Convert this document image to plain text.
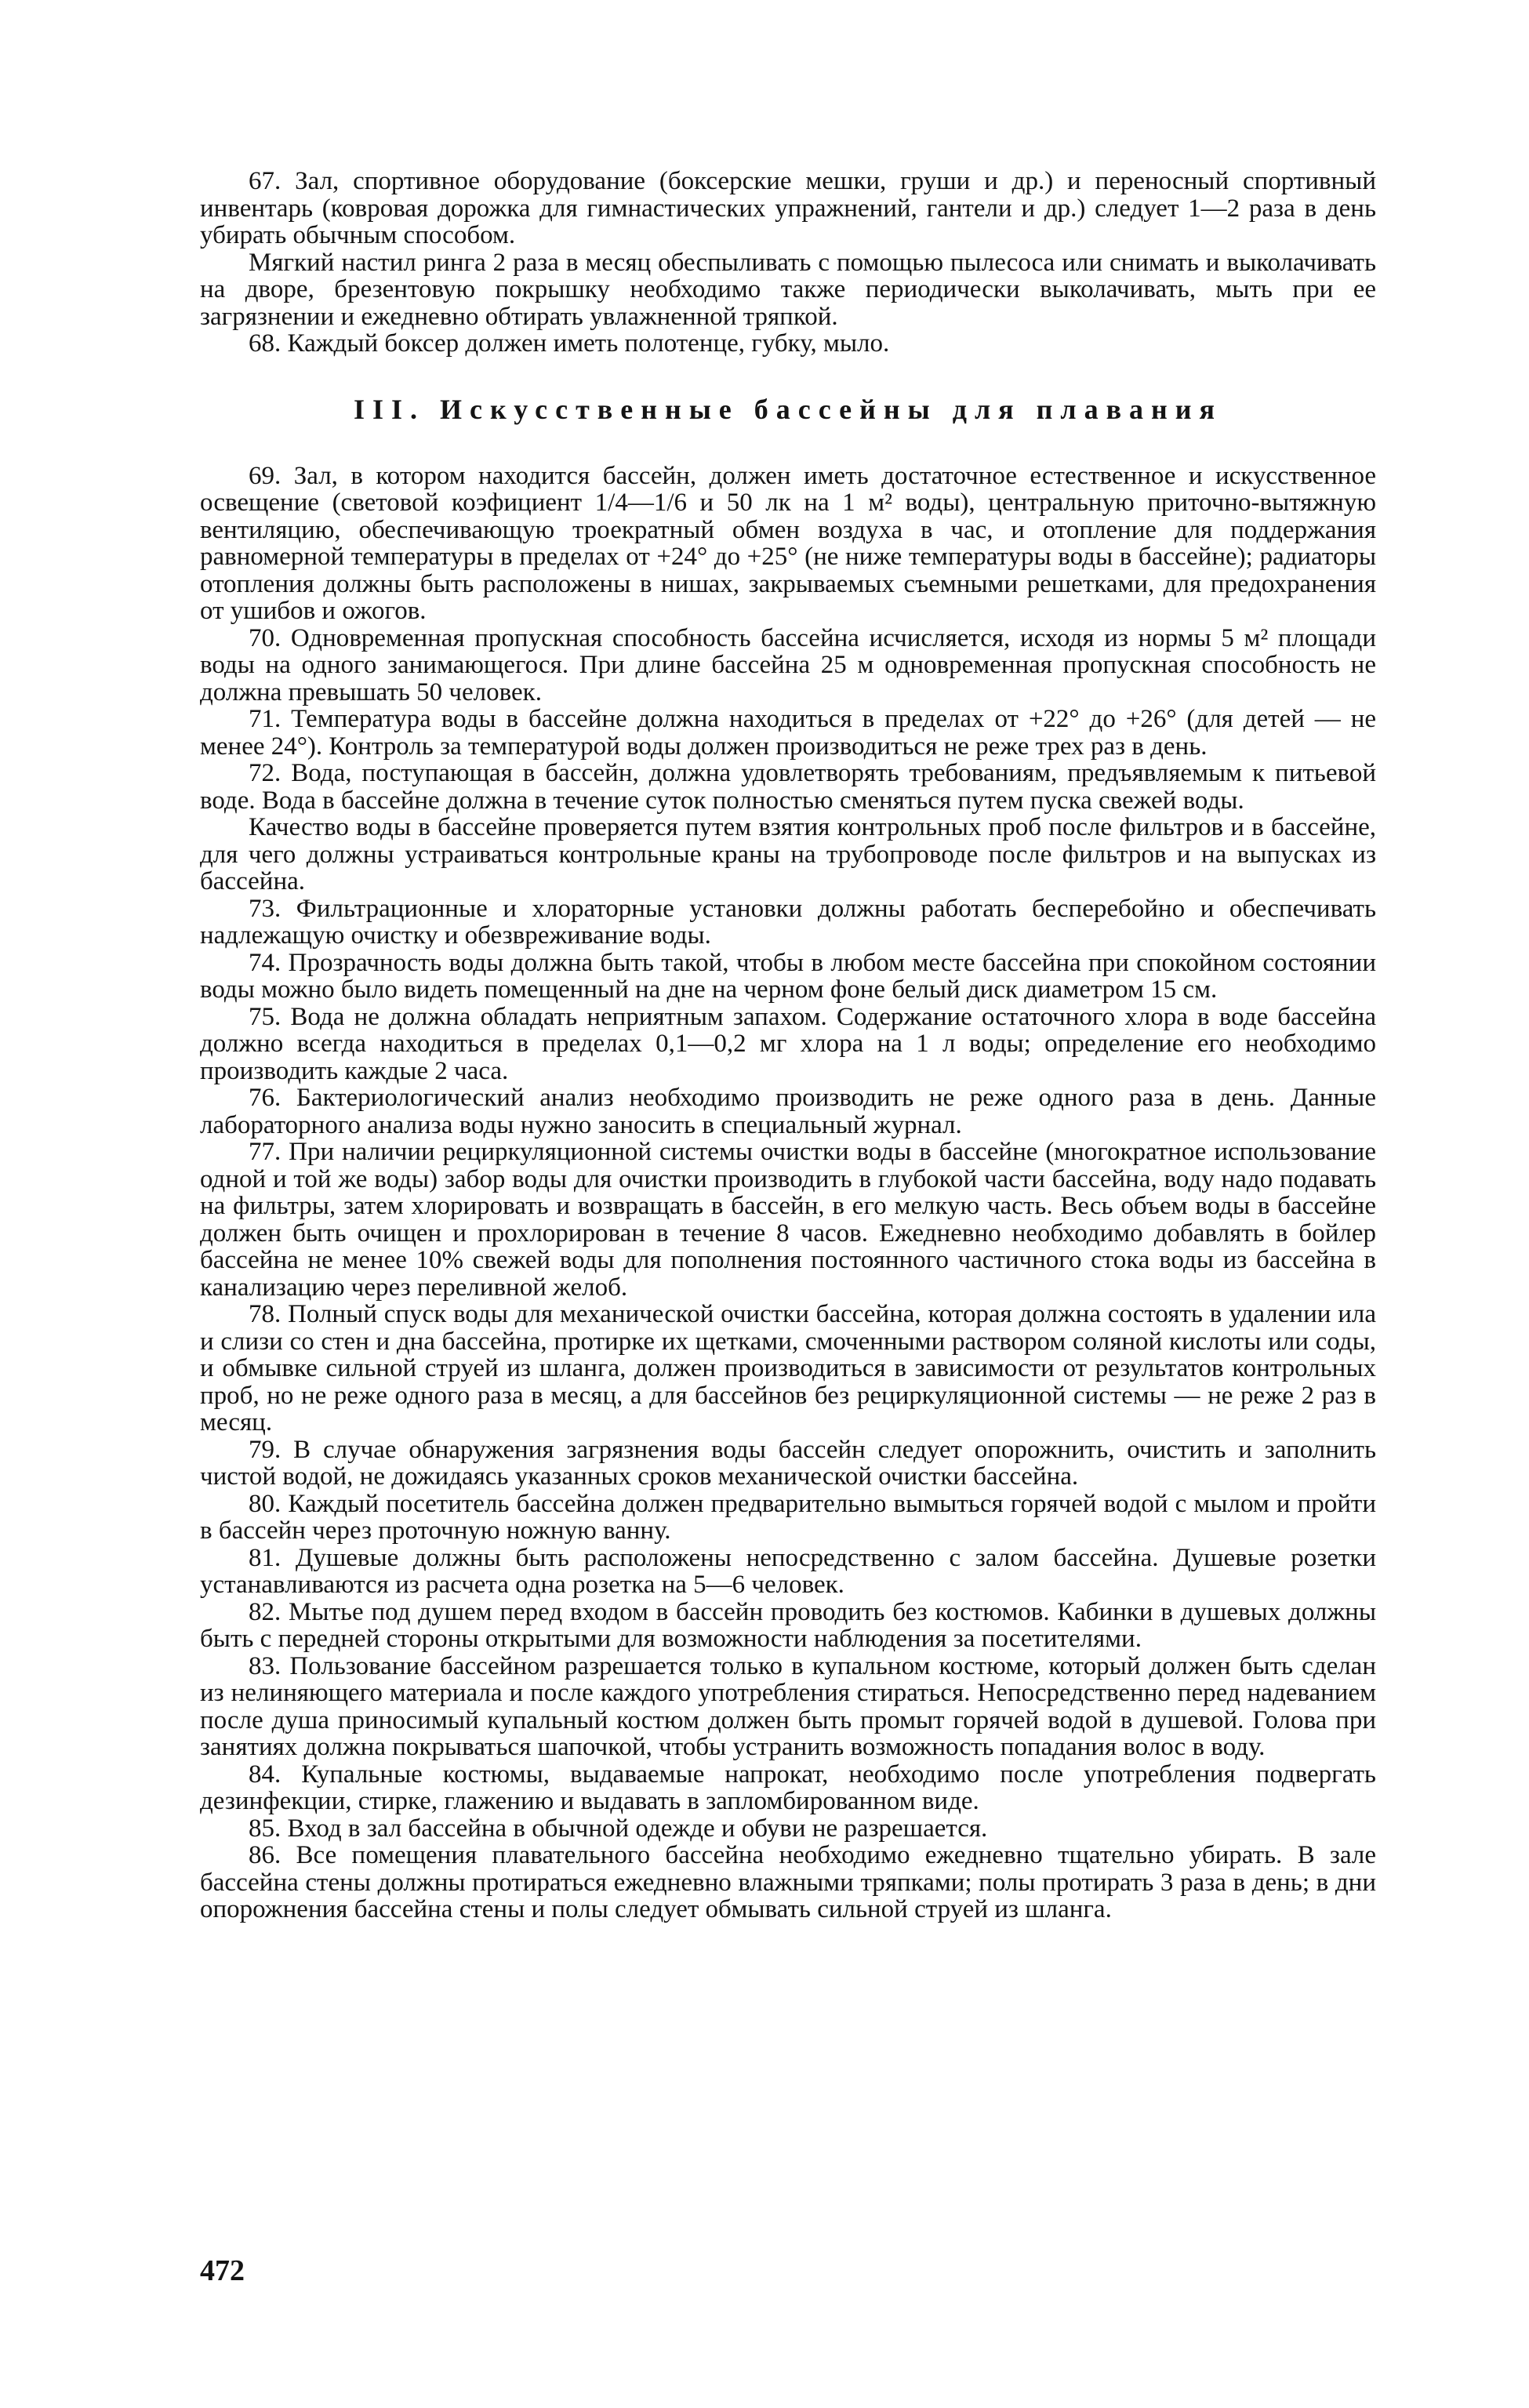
67. Зал, спортивное оборудование (боксерские мешки, груши и др.) и переносный спортивный инвентарь (ковровая дорожка для гимнастических упражнений, гантели и др.) следует 1—2 раза в день убирать обычным способом.

Мягкий настил ринга 2 раза в месяц обеспыливать с помощью пылесоса или снимать и выколачивать на дворе, брезентовую покрышку необходимо также периодически выколачивать, мыть при ее загрязнении и ежедневно обтирать увлажненной тряпкой.

68. Каждый боксер должен иметь полотенце, губку, мыло.

III. Искусственные бассейны для плавания

69. Зал, в котором находится бассейн, должен иметь достаточное естественное и искусственное освещение (световой коэфициент 1/4—1/6 и 50 лк на 1 м² воды), центральную приточно-вытяжную вентиляцию, обеспечивающую троекратный обмен воздуха в час, и отопление для поддержания равномерной температуры в пределах от +24° до +25° (не ниже температуры воды в бассейне); радиаторы отопления должны быть расположены в нишах, закрываемых съемными решетками, для предохранения от ушибов и ожогов.

70. Одновременная пропускная способность бассейна исчисляется, исходя из нормы 5 м² площади воды на одного занимающегося. При длине бассейна 25 м одновременная пропускная способность не должна превышать 50 человек.

71. Температура воды в бассейне должна находиться в пределах от +22° до +26° (для детей — не менее 24°). Контроль за температурой воды должен производиться не реже трех раз в день.

72. Вода, поступающая в бассейн, должна удовлетворять требованиям, предъявляемым к питьевой воде. Вода в бассейне должна в течение суток полностью сменяться путем пуска свежей воды.

Качество воды в бассейне проверяется путем взятия контрольных проб после фильтров и в бассейне, для чего должны устраиваться контрольные краны на трубопроводе после фильтров и на выпусках из бассейна.

73. Фильтрационные и хлораторные установки должны работать бесперебойно и обеспечивать надлежащую очистку и обезвреживание воды.

74. Прозрачность воды должна быть такой, чтобы в любом месте бассейна при спокойном состоянии воды можно было видеть помещенный на дне на черном фоне белый диск диаметром 15 см.

75. Вода не должна обладать неприятным запахом. Содержание остаточного хлора в воде бассейна должно всегда находиться в пределах 0,1—0,2 мг хлора на 1 л воды; определение его необходимо производить каждые 2 часа.

76. Бактериологический анализ необходимо производить не реже одного раза в день. Данные лабораторного анализа воды нужно заносить в специальный журнал.

77. При наличии рециркуляционной системы очистки воды в бассейне (многократное использование одной и той же воды) забор воды для очистки производить в глубокой части бассейна, воду надо подавать на фильтры, затем хлорировать и возвращать в бассейн, в его мелкую часть. Весь объем воды в бассейне должен быть очищен и прохлорирован в течение 8 часов. Ежедневно необходимо добавлять в бойлер бассейна не менее 10% свежей воды для пополнения постоянного частичного стока воды из бассейна в канализацию через переливной желоб.

78. Полный спуск воды для механической очистки бассейна, которая должна состоять в удалении ила и слизи со стен и дна бассейна, протирке их щетками, смоченными раствором соляной кислоты или соды, и обмывке сильной струей из шланга, должен производиться в зависимости от результатов контрольных проб, но не реже одного раза в месяц, а для бассейнов без рециркуляционной системы — не реже 2 раз в месяц.

79. В случае обнаружения загрязнения воды бассейн следует опорожнить, очистить и заполнить чистой водой, не дожидаясь указанных сроков механической очистки бассейна.

80. Каждый посетитель бассейна должен предварительно вымыться горячей водой с мылом и пройти в бассейн через проточную ножную ванну.

81. Душевые должны быть расположены непосредственно с залом бассейна. Душевые розетки устанавливаются из расчета одна розетка на 5—6 человек.

82. Мытье под душем перед входом в бассейн проводить без костюмов. Кабинки в душевых должны быть с передней стороны открытыми для возможности наблюдения за посетителями.

83. Пользование бассейном разрешается только в купальном костюме, который должен быть сделан из нелиняющего материала и после каждого употребления стираться. Непосредственно перед надеванием после душа приносимый купальный костюм должен быть промыт горячей водой в душевой. Голова при занятиях должна покрываться шапочкой, чтобы устранить возможность попадания волос в воду.

84. Купальные костюмы, выдаваемые напрокат, необходимо после употребления подвергать дезинфекции, стирке, глажению и выдавать в запломбированном виде.

85. Вход в зал бассейна в обычной одежде и обуви не разрешается.

86. Все помещения плавательного бассейна необходимо ежедневно тщательно убирать. В зале бассейна стены должны протираться ежедневно влажными тряпками; полы протирать 3 раза в день; в дни опорожнения бассейна стены и полы следует обмывать сильной струей из шланга.

472
